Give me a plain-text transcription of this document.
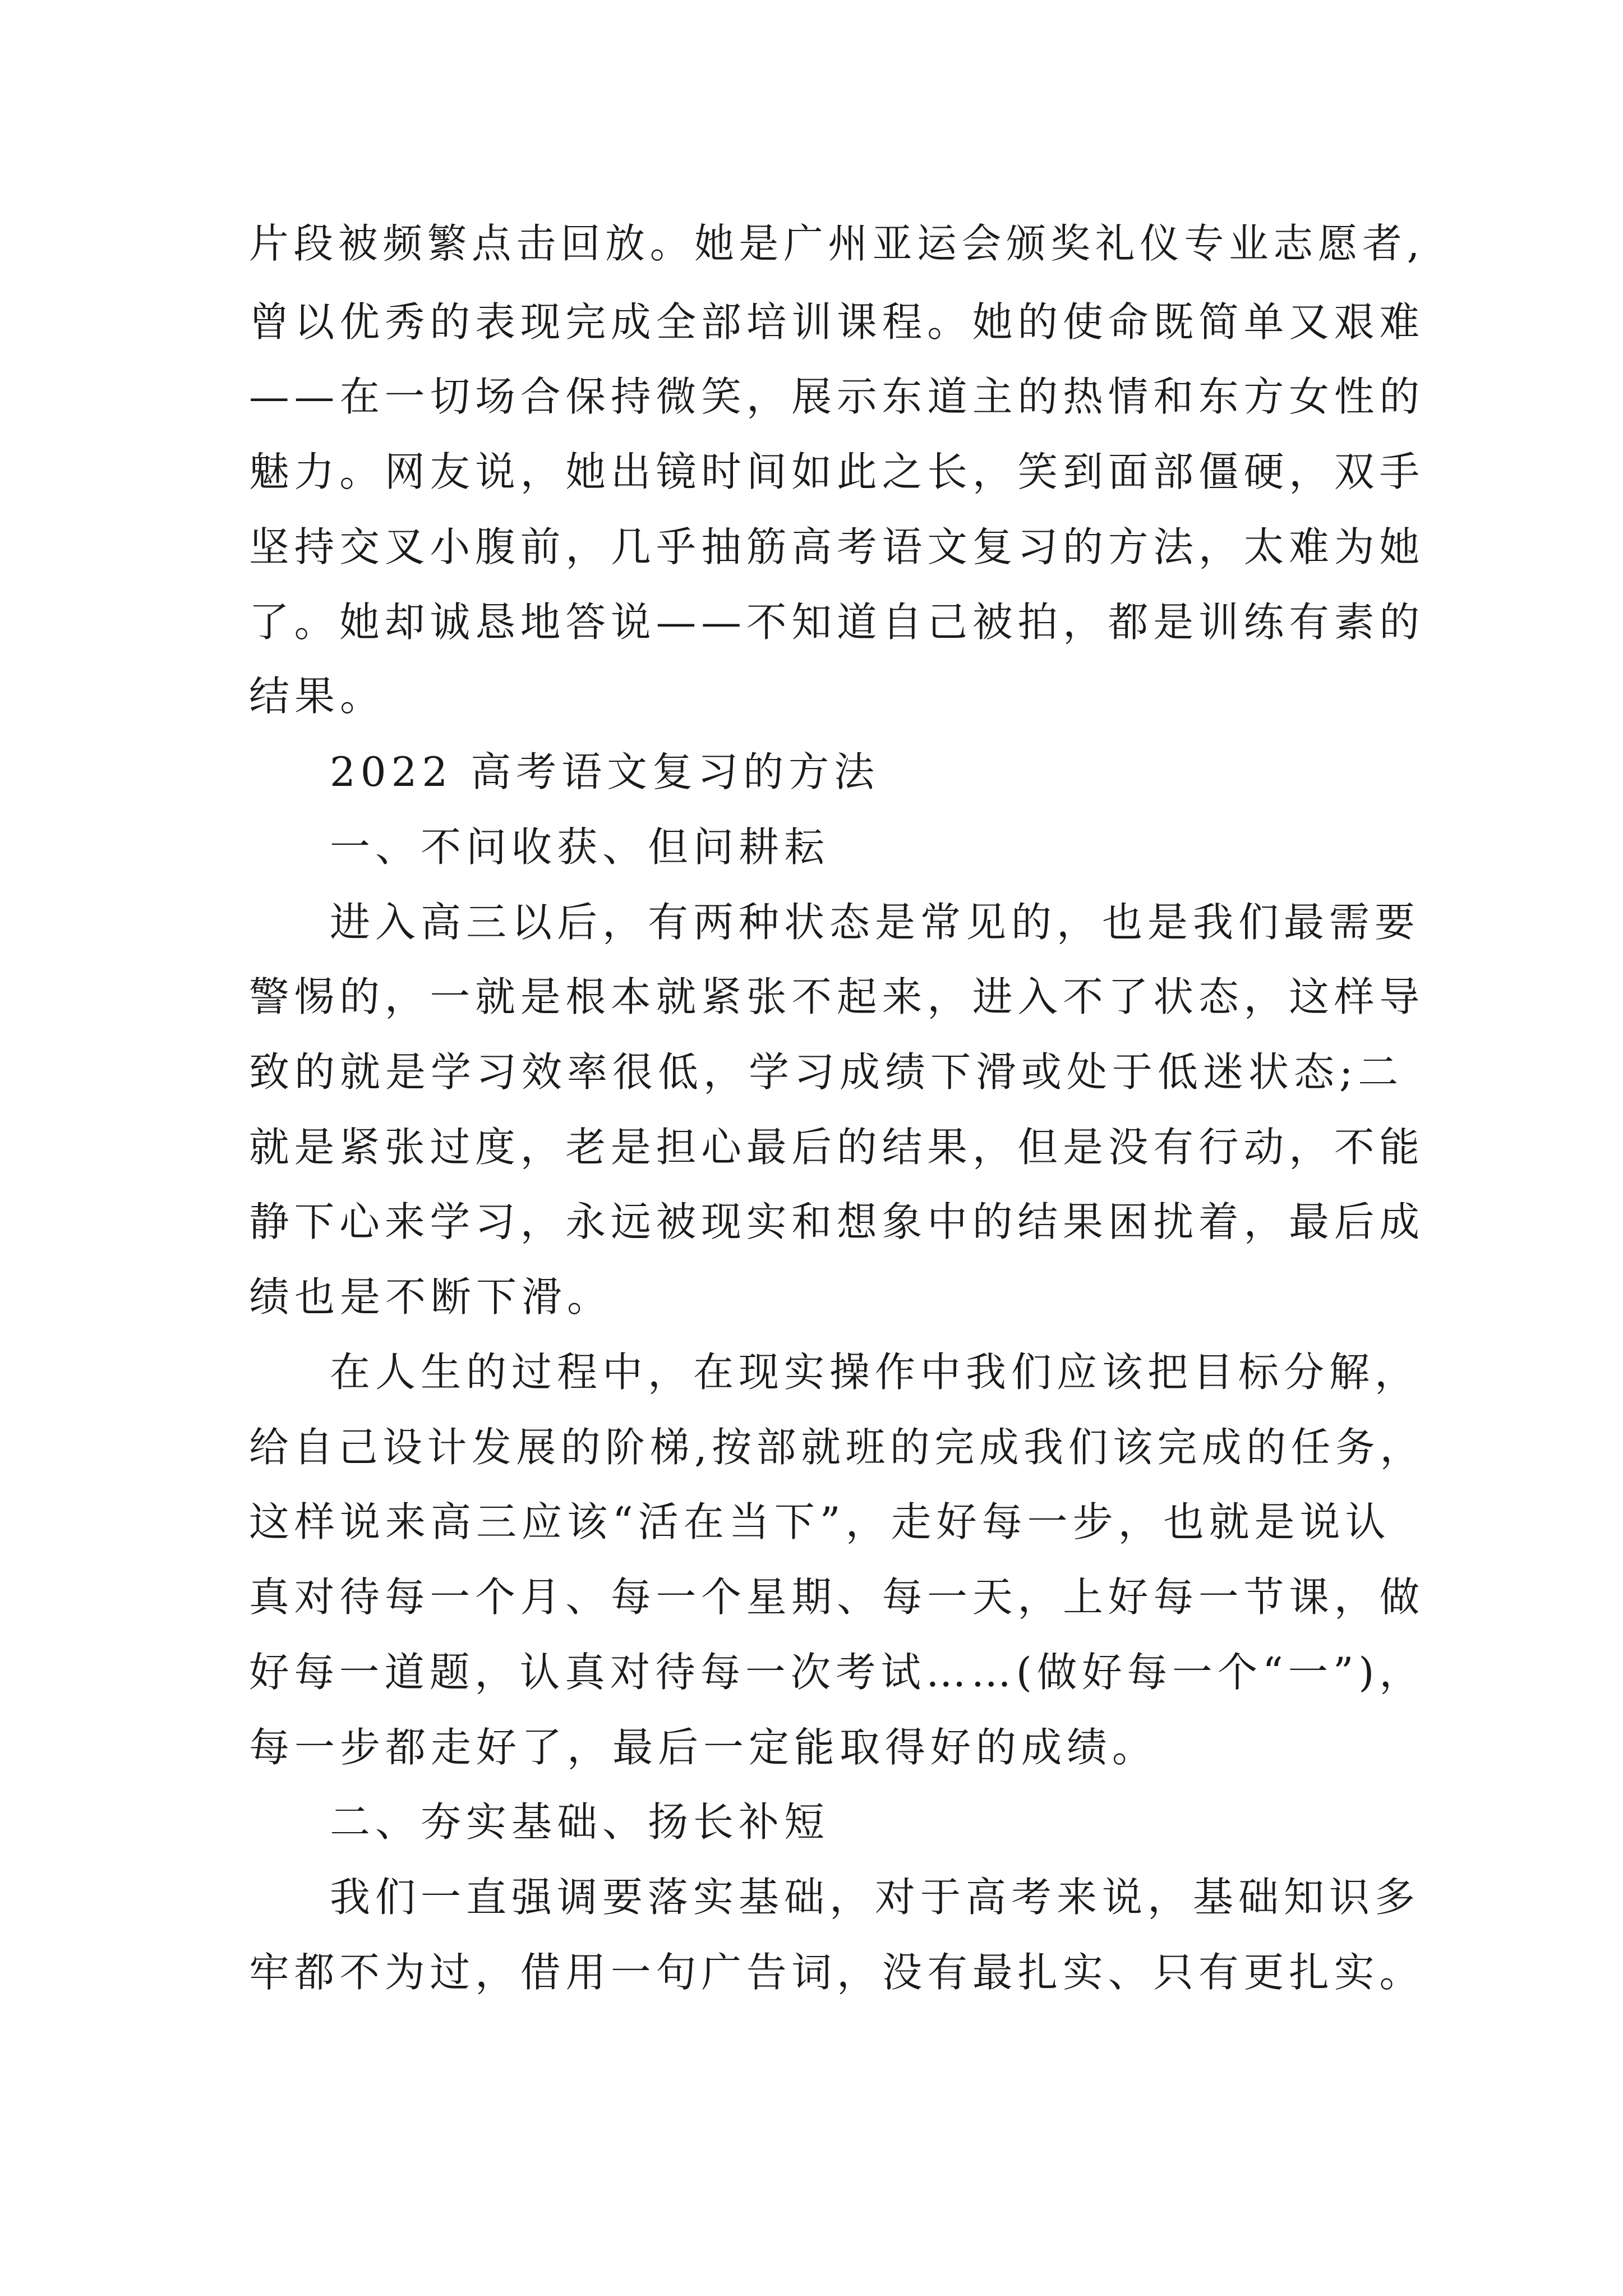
片段被频繁点击回放。她是广州亚运会颁奖礼仪专业志愿者,
曾以优秀的表现完成全部培训课程。她的使命既简单又艰难
——在一切场合保持微笑，展示东道主的热情和东方女性的
魅力。网友说，她出镜时间如此之长，笑到面部僵硬，双手
坚持交叉小腹前，几乎抽筋高考语文复习的方法，太难为她
了。她却诚恳地答说——不知道自己被拍，都是训练有素的
结果。
2022 高考语文复习的方法
一、不问收获、但问耕耘
进入高三以后，有两种状态是常见的，也是我们最需要
警惕的，一就是根本就紧张不起来，进入不了状态，这样导
致的就是学习效率很低，学习成绩下滑或处于低迷状态;二
就是紧张过度，老是担心最后的结果，但是没有行动，不能
静下心来学习，永远被现实和想象中的结果困扰着，最后成
绩也是不断下滑。
在人生的过程中，在现实操作中我们应该把目标分解，
给自己设计发展的阶梯,按部就班的完成我们该完成的任务，
这样说来高三应该“活在当下”，走好每一步，也就是说认
真对待每一个月、每一个星期、每一天，上好每一节课，做
好每一道题，认真对待每一次考试……(做好每一个“一”)，
每一步都走好了，最后一定能取得好的成绩。
二、夯实基础、扬长补短
我们一直强调要落实基础，对于高考来说，基础知识多
牢都不为过，借用一句广告词，没有最扎实、只有更扎实。
